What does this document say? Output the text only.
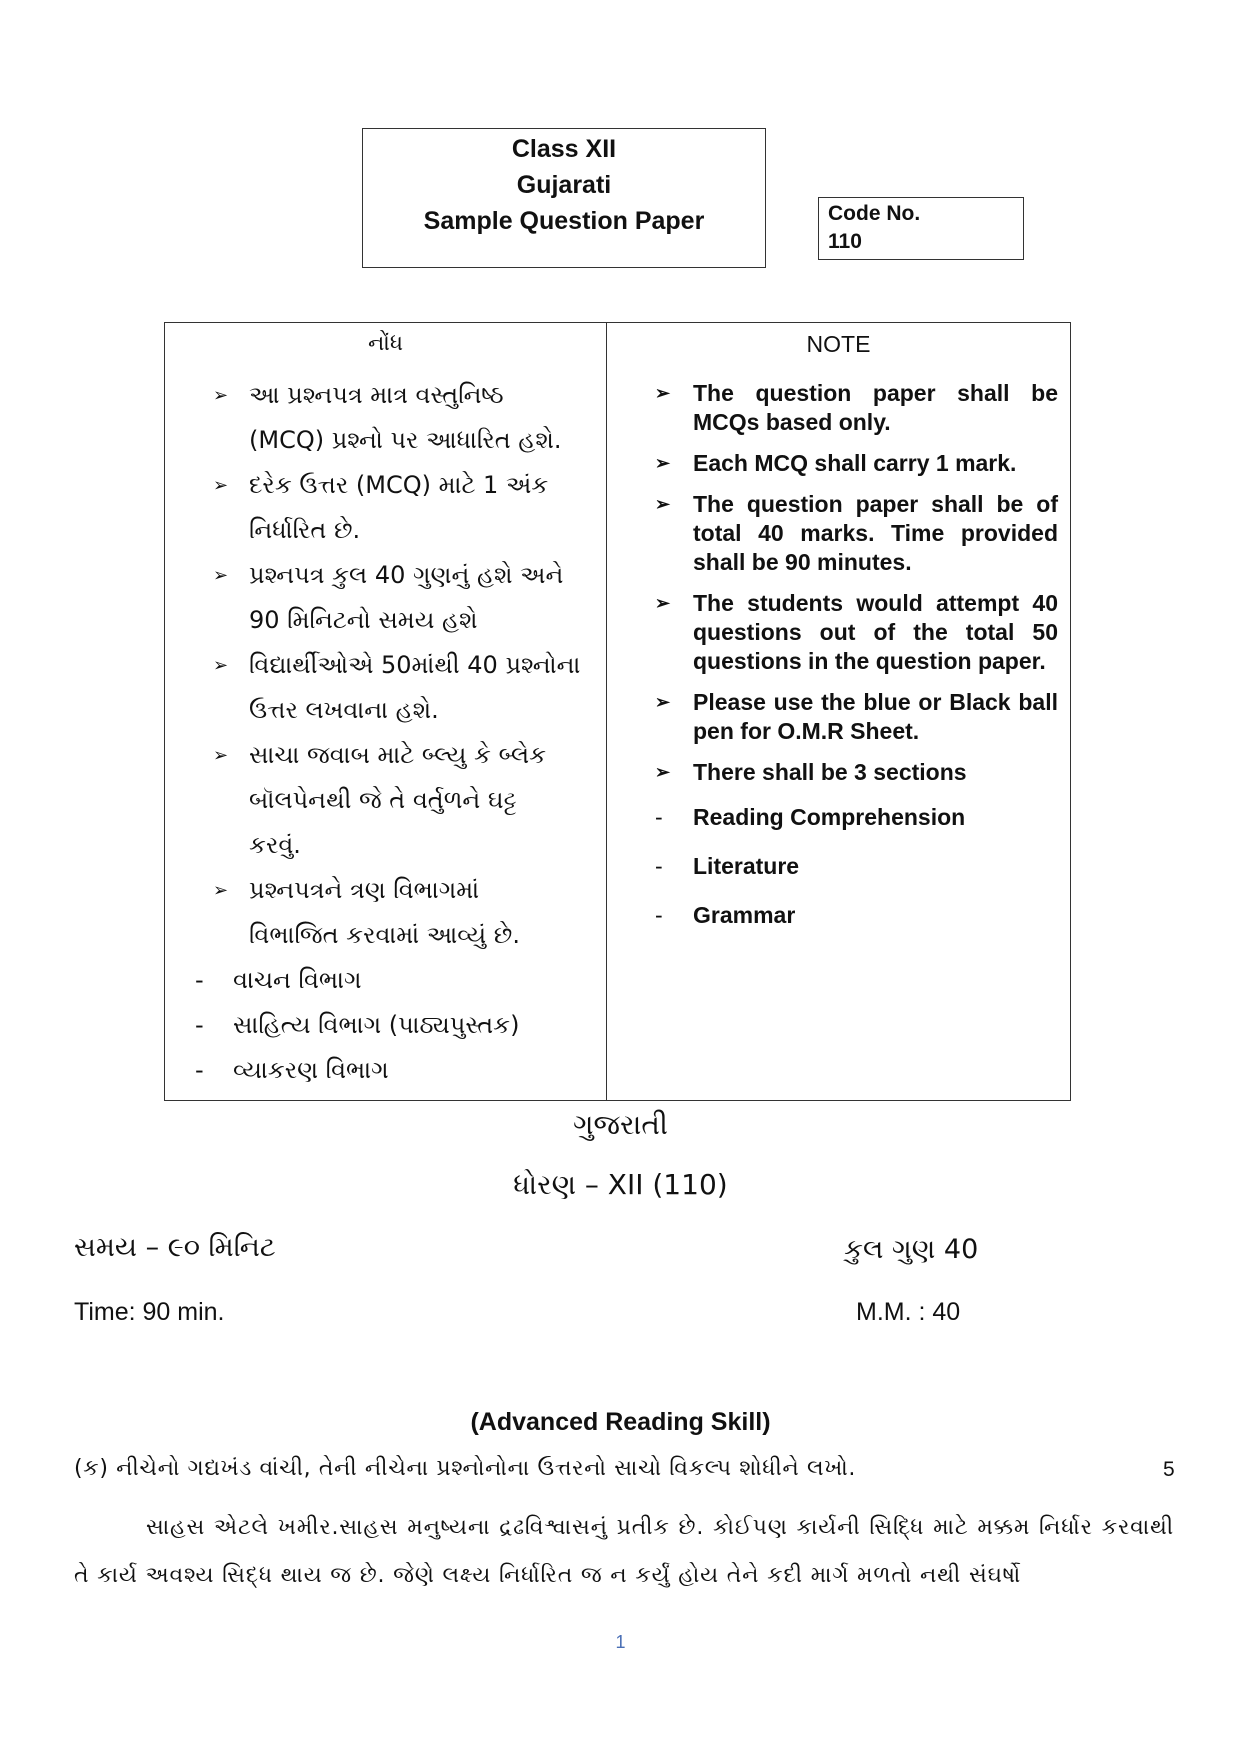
Class XII
Gujarati
Sample Question Paper	Code No.
110
નોંધ
➢ આ પ્રશ્નપત્ર માત્ર વસ્તુનિષ્ઠ
(MCQ) પ્રશ્નો પર આધારિત હશે.
➢ દરેક ઉત્તર (MCQ) માટે 1 અંક
નિર્ધારિત છે.
➢ પ્રશ્નપત્ર કુલ 40 ગુણનું હશે અને
90 મિનિટનો સમય હશે
➢ વિદ્યાર્થીઓએ 50માંથી 40 પ્રશ્નોના
ઉત્તર લખવાના હશે.
➢ સાચા જવાબ માટે બ્લ્યુ કે બ્લેક
બૉલપેનથી જે તે વર્તુળને ઘટ્ટ
કરવું.
➢ પ્રશ્નપત્રને ત્રણ વિભાગમાં
વિભાજિત કરવામાં આવ્યું છે.
- વાચન વિભાગ
- સાહિત્ય વિભાગ (પાઠ્યપુસ્તક)
- વ્યાકરણ વિભાગ
NOTE
➢ The question paper shall be MCQs based only.
➢ Each MCQ shall carry 1 mark.
➢ The question paper shall be of total 40 marks. Time provided shall be 90 minutes.
➢ The students would attempt 40 questions out of the total 50 questions in the question paper.
➢ Please use the blue or Black ball pen for O.M.R Sheet.
➢ There shall be 3 sections
- Reading Comprehension
- Literature
- Grammar
ગુજરાતી
ધોરણ – XII (110)
સમય – ૯૦ મિનિટ	કુલ ગુણ 40
Time: 90 min.	M.M. : 40
(Advanced Reading Skill)
(ક) નીચેનો ગદ્યખંડ વાંચી, તેની નીચેના પ્રશ્નોનોના ઉત્તરનો સાચો વિકલ્પ શોધીને લખો.	5
સાહસ એટલે ખમીર.સાહસ મનુષ્યના દ્રઢવિશ્વાસનું પ્રતીક છે. કોઈપણ કાર્યની સિદ્ધિ માટે મક્કમ નિર્ધાર કરવાથી તે કાર્ય અવશ્ય સિદ્ધ થાય જ છે. જેણે લક્ષ્ય નિર્ધારિત જ ન કર્યું હોય તેને કદી માર્ગ મળતો નથી સંઘર્ષો
1
